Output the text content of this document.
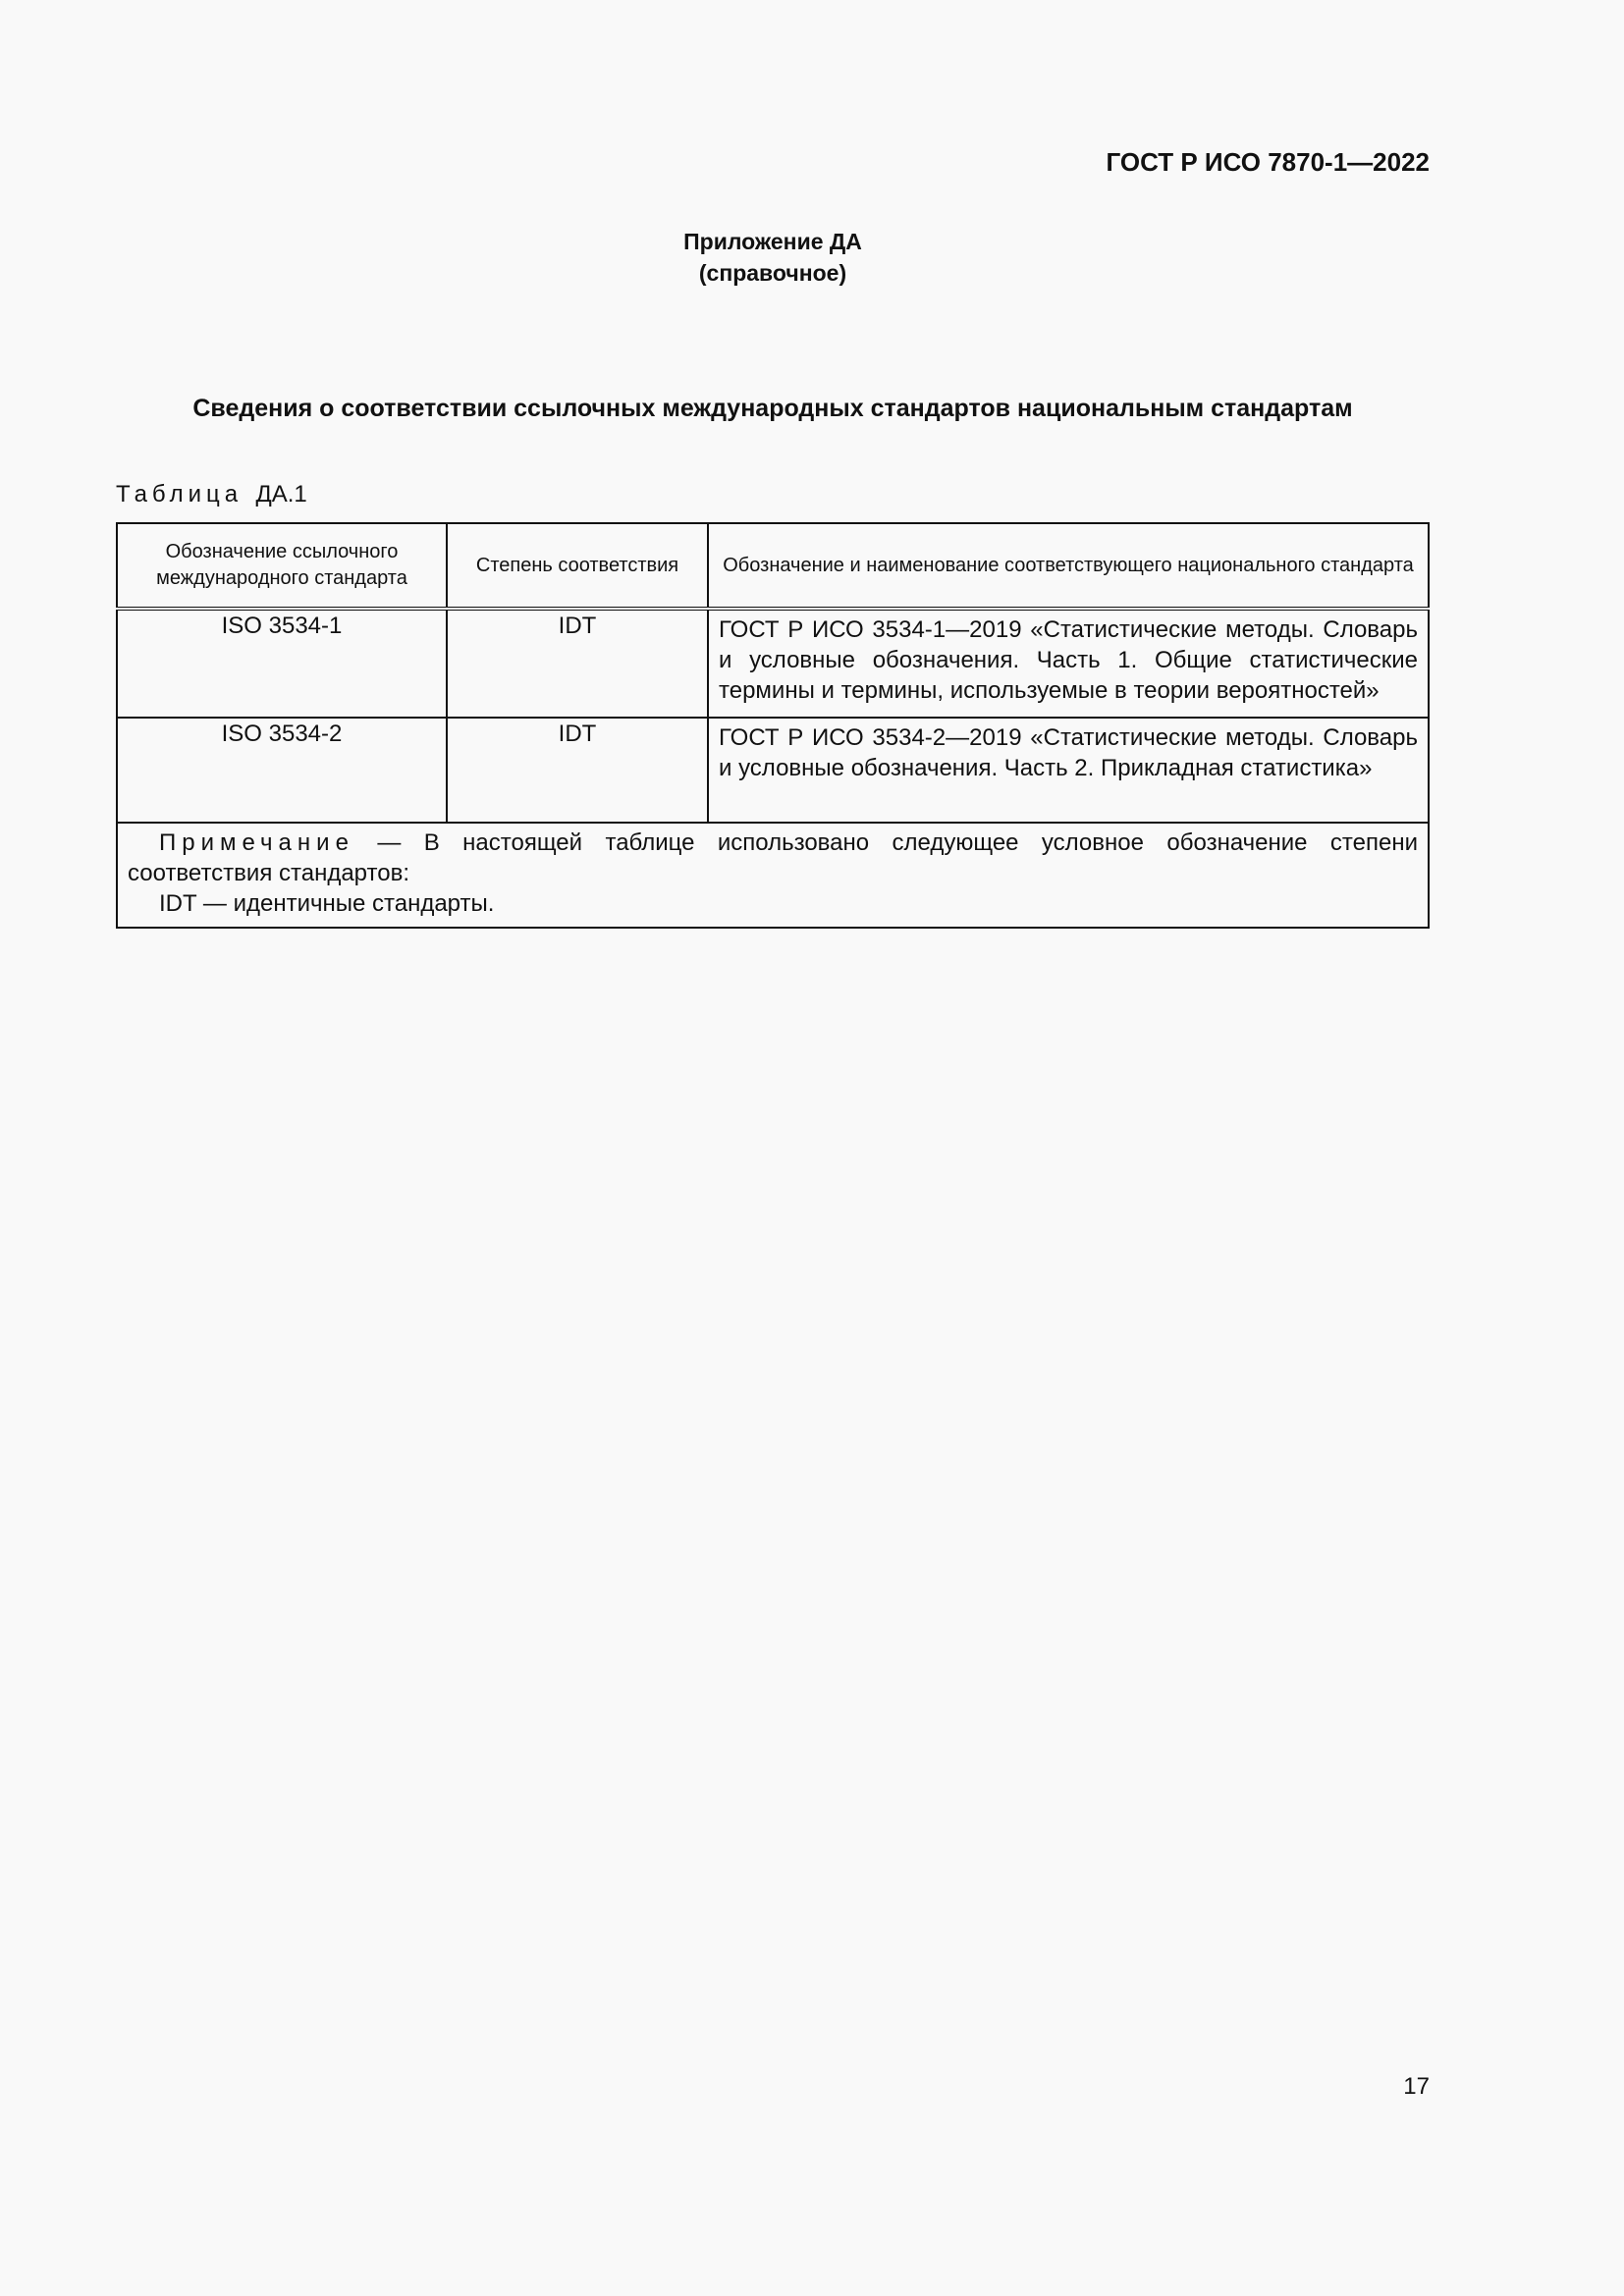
ГОСТ Р ИСО 7870-1—2022
Приложение ДА
(справочное)
Сведения о соответствии ссылочных международных стандартов национальным стандартам
Таблица ДА.1
Обозначение ссылочного международного стандарта	Степень соответствия	Обозначение и наименование соответствующего национального стандарта
ISO 3534-1	IDT	ГОСТ Р ИСО 3534-1—2019 «Статистические методы. Словарь и условные обозначения. Часть 1. Общие статистические термины и термины, используемые в теории вероятностей»
ISO 3534-2	IDT	ГОСТ Р ИСО 3534-2—2019 «Статистические методы. Словарь и условные обозначения. Часть 2. Прикладная статистика»

Примечание — В настоящей таблице использовано следующее условное обозначение степени соответствия стандартов:
IDT — идентичные стандарты.		
17
